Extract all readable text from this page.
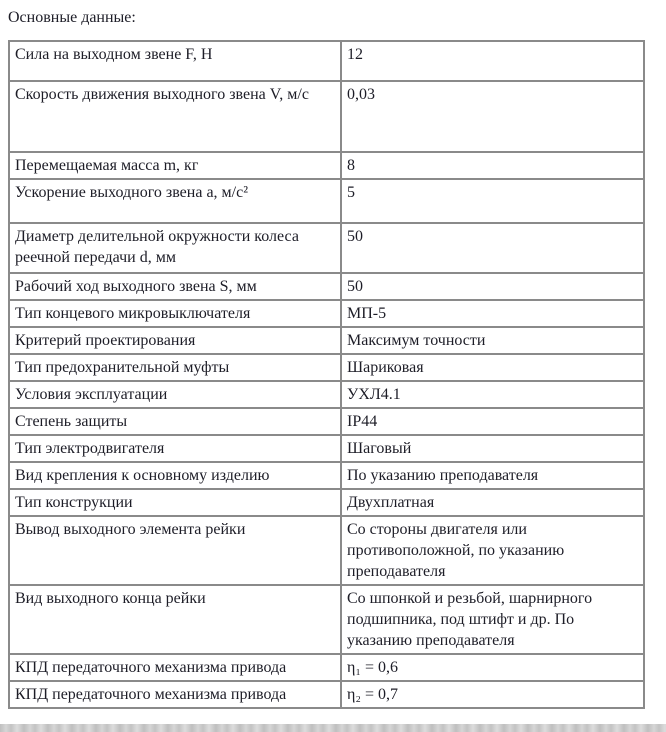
Основные данные:
Сила на выходном звене F, Н	12
Скорость движения выходного звена V, м/с	0,03
Перемещаемая масса m, кг	8
Ускорение выходного звена a, м/с²	5
Диаметр делительной окружности колеса реечной передачи d, мм	50
Рабочий ход выходного звена S, мм	50
Тип концевого микровыключателя	МП-5
Критерий проектирования	Максимум точности
Тип предохранительной муфты	Шариковая
Условия эксплуатации	УХЛ4.1
Степень защиты	IP44
Тип электродвигателя	Шаговый
Вид крепления к основному изделию	По указанию преподавателя
Тип конструкции	Двухплатная
Вывод выходного элемента рейки	Со стороны двигателя или противоположной, по указанию преподавателя
Вид выходного конца рейки	Со шпонкой и резьбой, шарнирного подшипника, под штифт и др. По указанию преподавателя
КПД передаточного механизма привода	η₁ = 0,6
КПД передаточного механизма привода	η₂ = 0,7
